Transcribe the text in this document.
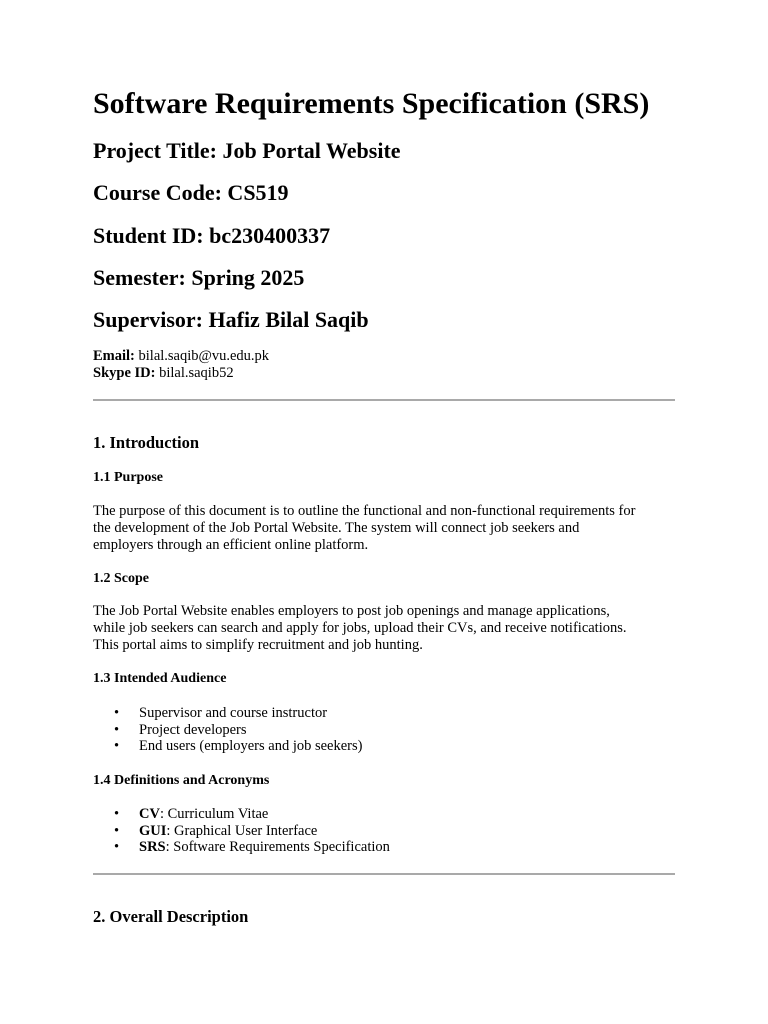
Software Requirements Specification (SRS)
Project Title: Job Portal Website
Course Code: CS519
Student ID: bc230400337
Semester: Spring 2025
Supervisor: Hafiz Bilal Saqib
Email: bilal.saqib@vu.edu.pk
Skype ID: bilal.saqib52
1. Introduction
1.1 Purpose

The purpose of this document is to outline the functional and non-functional requirements for
the development of the Job Portal Website. The system will connect job seekers and
employers through an efficient online platform.

1.2 Scope

The Job Portal Website enables employers to post job openings and manage applications,
while job seekers can search and apply for jobs, upload their CVs, and receive notifications.
This portal aims to simplify recruitment and job hunting.

1.3 Intended Audience
• Supervisor and course instructor
• Project developers
• End users (employers and job seekers)
1.4 Definitions and Acronyms
• CV: Curriculum Vitae
• GUI: Graphical User Interface
• SRS: Software Requirements Specification
2. Overall Description
